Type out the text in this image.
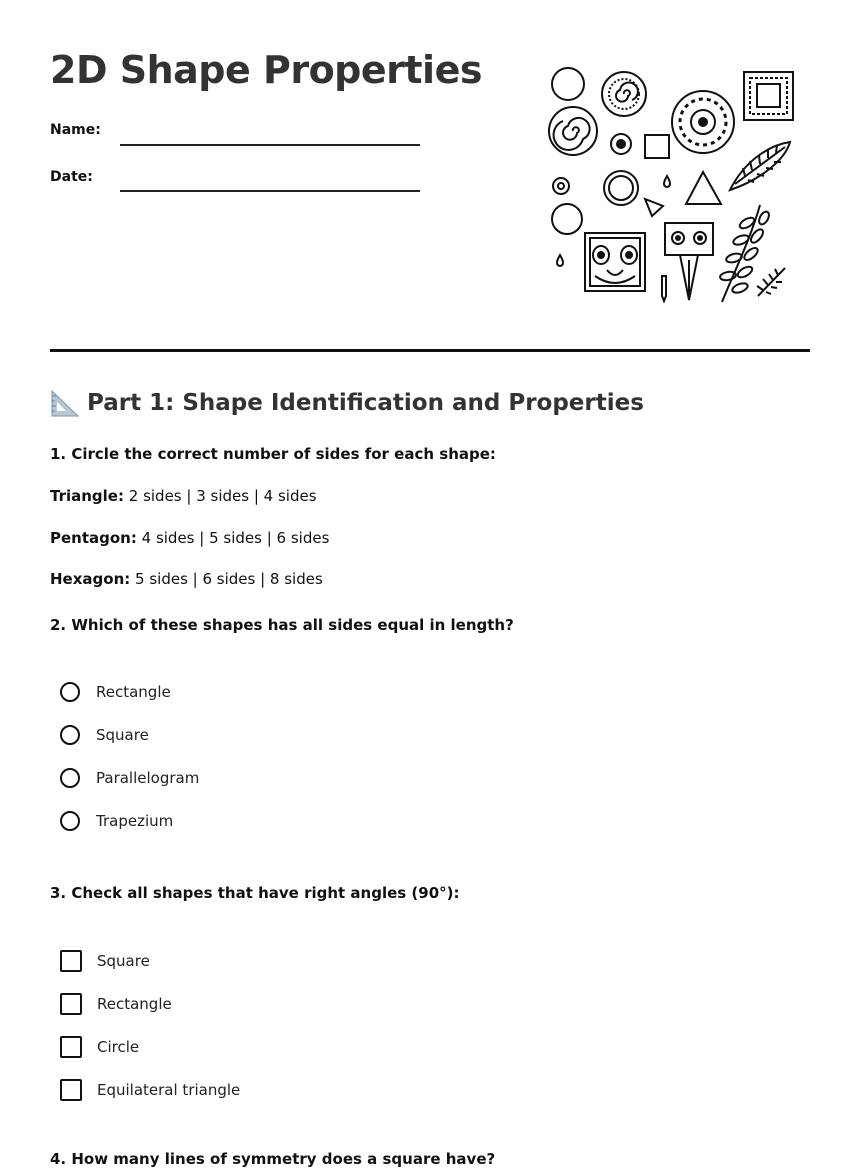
2D Shape Properties
Name:
Date:
Part 1: Shape Identification and Properties

1. Circle the correct number of sides for each shape:

Triangle: 2 sides | 3 sides | 4 sides

Pentagon: 4 sides | 5 sides | 6 sides

Hexagon: 5 sides | 6 sides | 8 sides

2. Which of these shapes has all sides equal in length?

Rectangle
Square
Parallelogram
Trapezium

3. Check all shapes that have right angles (90°):

Square
Rectangle
Circle
Equilateral triangle

4. How many lines of symmetry does a square have?
